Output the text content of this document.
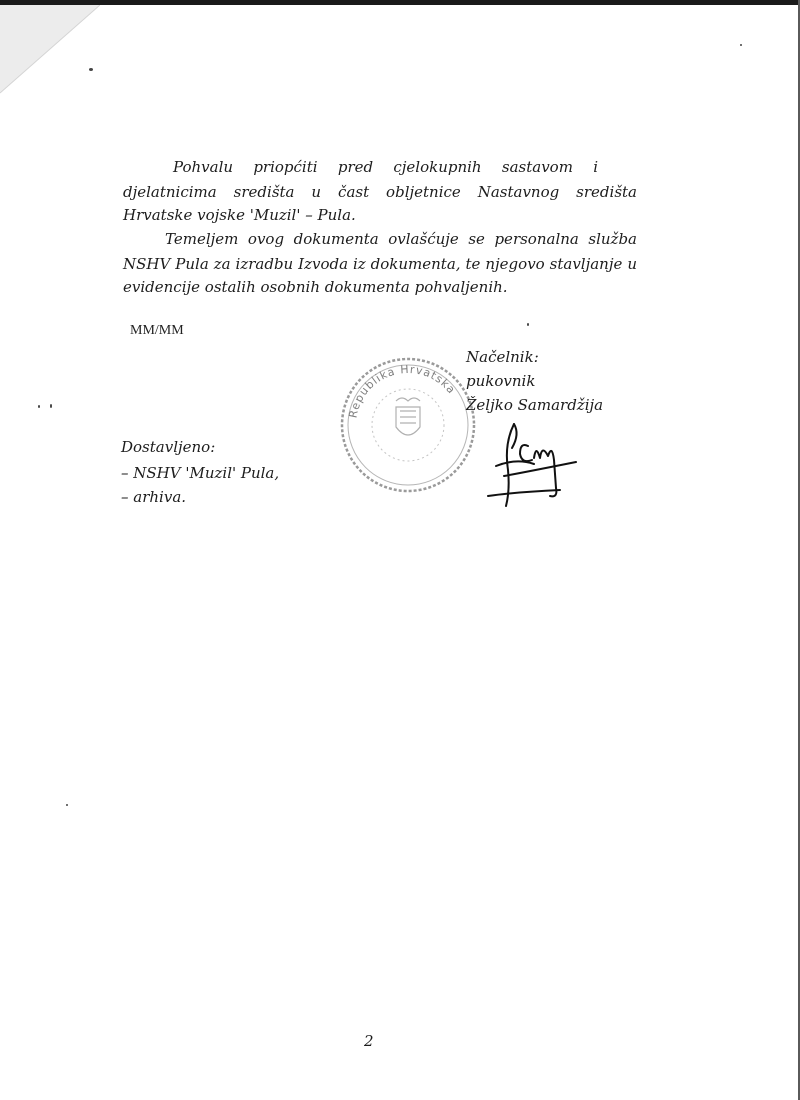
Pohvalu priopćiti pred cjelokupnih sastavom i
djelatnicima središta u čast obljetnice Nastavnog središta
Hrvatske vojske 'Muzil' – Pula.
Temeljem ovog dokumenta ovlašćuje se personalna služba
NSHV Pula za izradbu Izvoda iz dokumenta, te njegovo stavljanje u
evidencije ostalih osobnih dokumenta pohvaljenih.
MM/MM
Republika Hrvatska
Načelnik:
pukovnik
Željko Samardžija
Dostavljeno:
– NSHV 'Muzil' Pula,
– arhiva.
2
